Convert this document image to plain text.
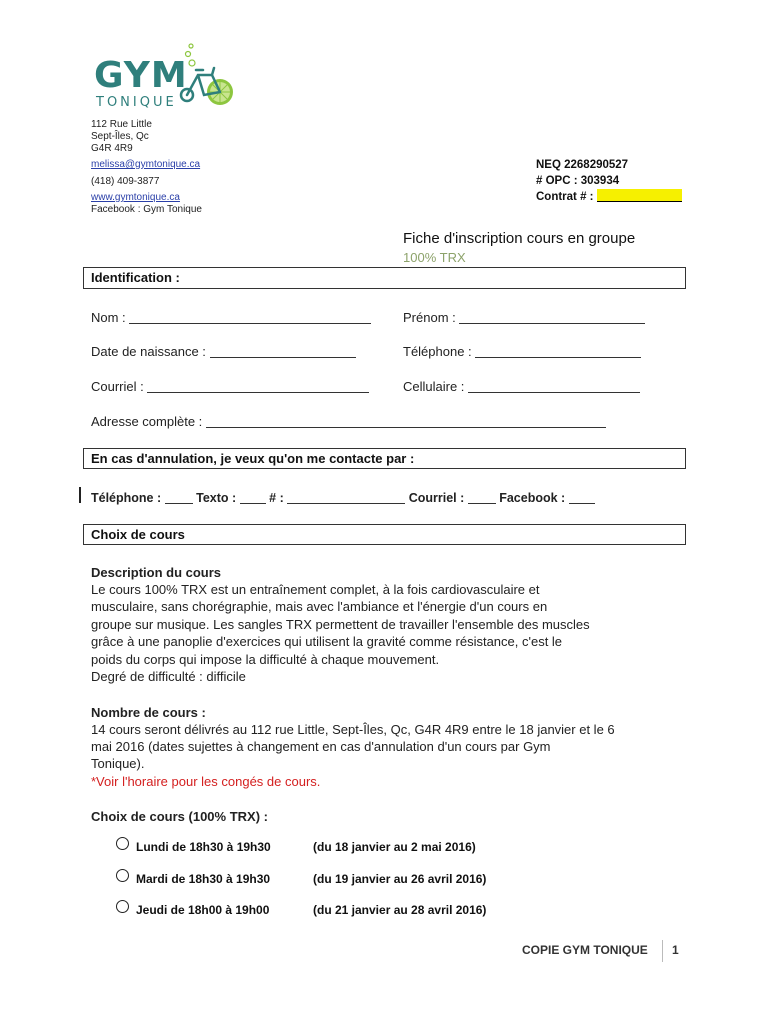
GYM
TONIQUE
112 Rue Little
Sept-Îles, Qc
G4R 4R9
melissa@gymtonique.ca
(418) 409-3877
www.gymtonique.ca
Facebook : Gym Tonique
NEQ 2268290527
# OPC : 303934
Contrat # :
Fiche d'inscription cours en groupe
100% TRX
Identification :
Nom :	Prénom :
Date de naissance :	Téléphone :
Courriel :	Cellulaire :
Adresse complète :
En cas d'annulation, je veux qu'on me contacte par :
Téléphone :	Texto :	# :	Courriel :	Facebook :
Choix de cours
Description du cours
Le cours 100% TRX est un entraînement complet, à la fois cardiovasculaire et
musculaire, sans chorégraphie, mais avec l'ambiance et l'énergie d'un cours en
groupe sur musique. Les sangles TRX permettent de travailler l'ensemble des muscles
grâce à une panoplie d'exercices qui utilisent la gravité comme résistance, c'est le
poids du corps qui impose la difficulté à chaque mouvement.
Degré de difficulté : difficile
Nombre de cours :
14 cours seront délivrés au 112 rue Little, Sept-Îles, Qc, G4R 4R9 entre le 18 janvier et le 6
mai 2016 (dates sujettes à changement en cas d'annulation d'un cours par Gym
Tonique).
*Voir l'horaire pour les congés de cours.
Choix de cours (100% TRX) :
Lundi de 18h30 à 19h30	(du 18 janvier au 2 mai 2016)
Mardi de 18h30 à 19h30	(du 19 janvier au 26 avril 2016)
Jeudi de 18h00 à 19h00	(du 21 janvier au 28 avril 2016)
COPIE GYM TONIQUE 1
